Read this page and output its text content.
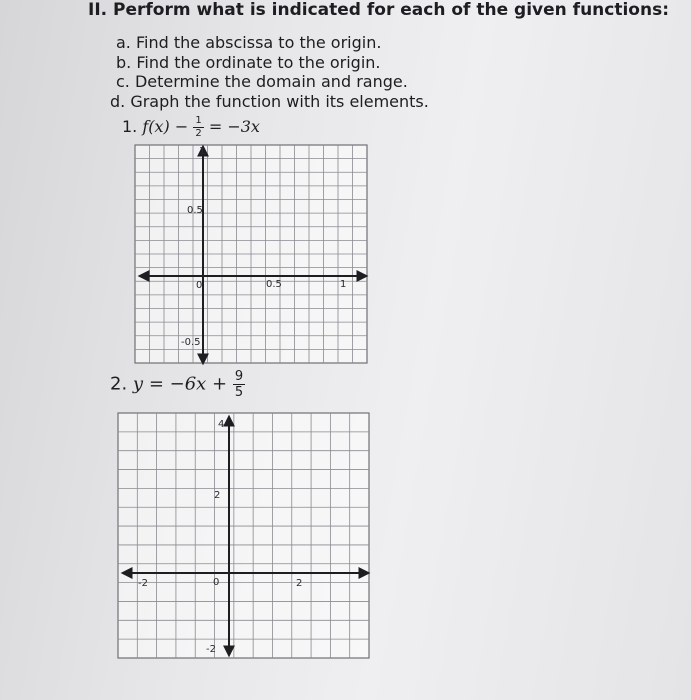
II. Perform what is indicated for each of the given functions:
a. Find the abscissa to the origin.
b. Find the ordinate to the origin.
c. Determine the domain and range.
d. Graph the function with its elements.
1. $f(x) - \frac{1}{2} = -3x$
2. $y = -6x + \frac{9}{5}$
1
0.5
0
-0.5
0.5	1
4
2
0
-2
-2	2
